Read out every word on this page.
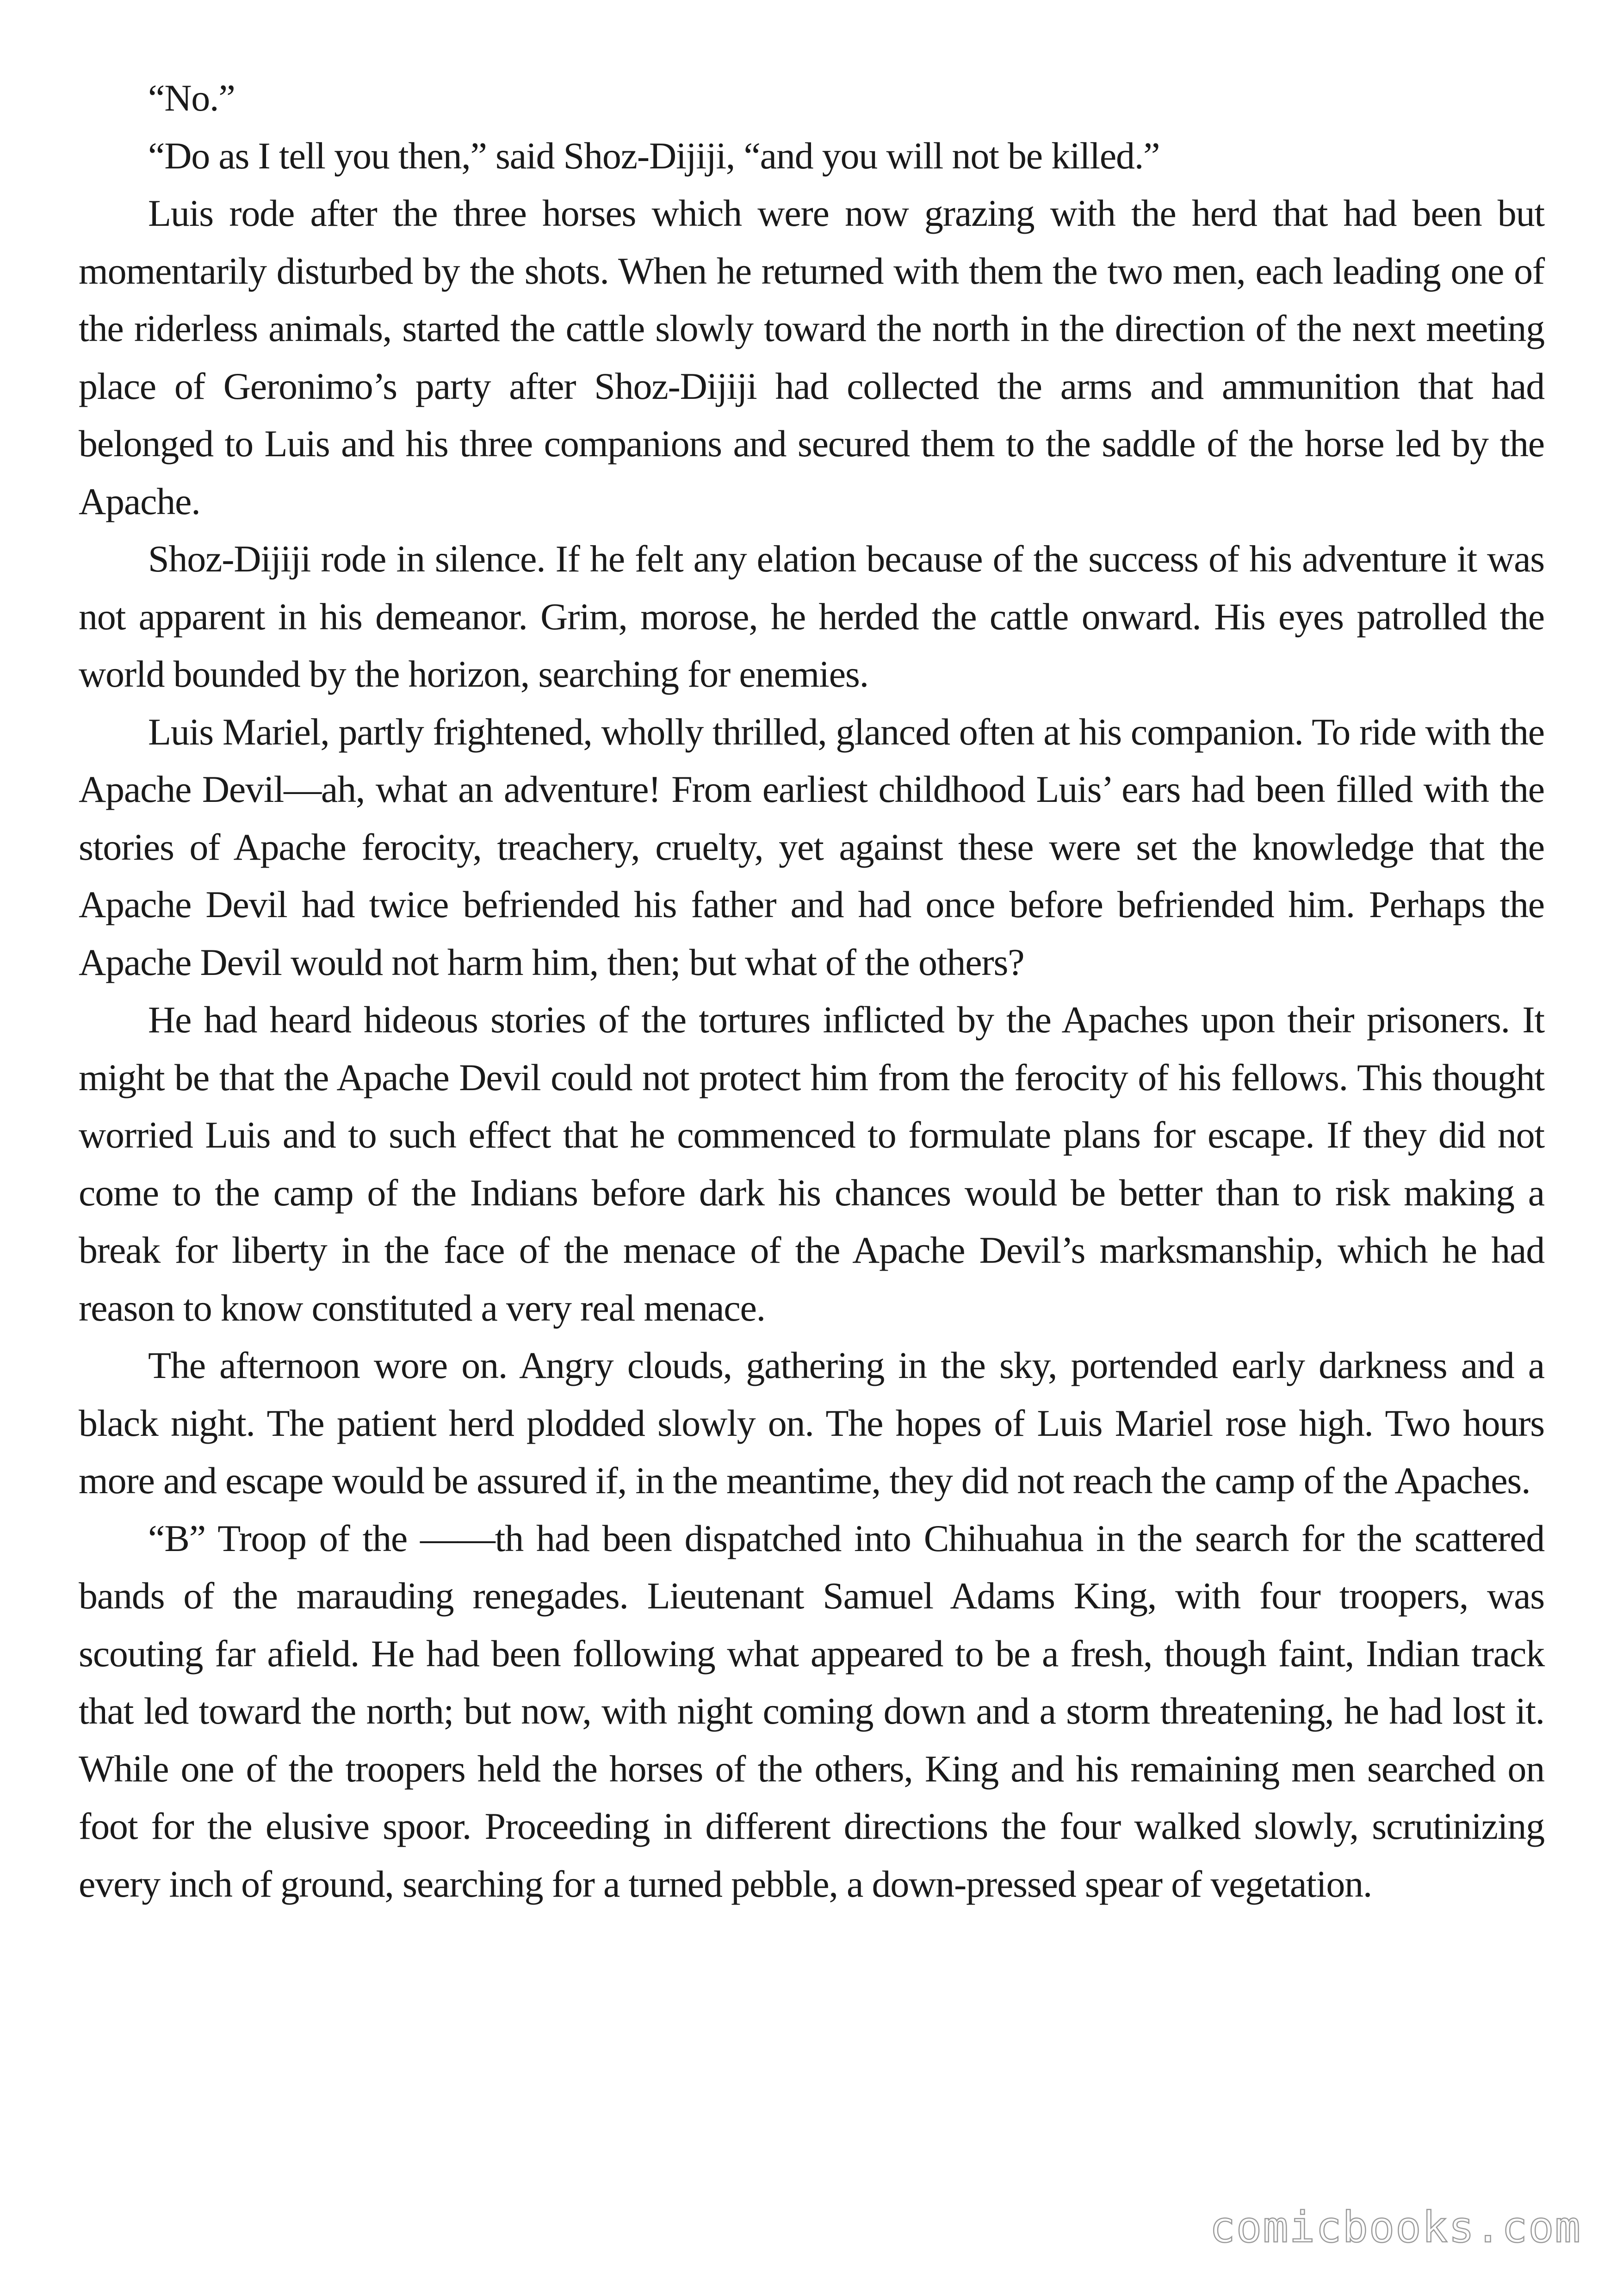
“No.”

“Do as I tell you then,” said Shoz-Dijiji, “and you will not be killed.”

Luis rode after the three horses which were now grazing with the herd that had been but momentarily disturbed by the shots. When he returned with them the two men, each leading one of the riderless animals, started the cattle slowly toward the north in the direction of the next meeting place of Geronimo’s party after Shoz-Dijiji had collected the arms and ammunition that had belonged to Luis and his three companions and secured them to the saddle of the horse led by the Apache.

Shoz-Dijiji rode in silence. If he felt any elation because of the success of his adventure it was not apparent in his demeanor. Grim, morose, he herded the cattle onward. His eyes patrolled the world bounded by the horizon, searching for enemies.

Luis Mariel, partly frightened, wholly thrilled, glanced often at his companion. To ride with the Apache Devil—ah, what an adventure! From earliest childhood Luis’ ears had been filled with the stories of Apache ferocity, treachery, cruelty, yet against these were set the knowledge that the Apache Devil had twice befriended his father and had once before befriended him. Perhaps the Apache Devil would not harm him, then; but what of the others?

He had heard hideous stories of the tortures inflicted by the Apaches upon their prisoners. It might be that the Apache Devil could not protect him from the ferocity of his fellows. This thought worried Luis and to such effect that he commenced to formulate plans for escape. If they did not come to the camp of the Indians before dark his chances would be better than to risk making a break for liberty in the face of the menace of the Apache Devil’s marksmanship, which he had reason to know constituted a very real menace.

The afternoon wore on. Angry clouds, gathering in the sky, portended early darkness and a black night. The patient herd plodded slowly on. The hopes of Luis Mariel rose high. Two hours more and escape would be assured if, in the meantime, they did not reach the camp of the Apaches.

“B” Troop of the ——th had been dispatched into Chihuahua in the search for the scattered bands of the marauding renegades. Lieutenant Samuel Adams King, with four troopers, was scouting far afield. He had been following what appeared to be a fresh, though faint, Indian track that led toward the north; but now, with night coming down and a storm threatening, he had lost it. While one of the troopers held the horses of the others, King and his remaining men searched on foot for the elusive spoor. Proceeding in different directions the four walked slowly, scrutinizing every inch of ground, searching for a turned pebble, a down-pressed spear of vegetation.

comicbooks.com
